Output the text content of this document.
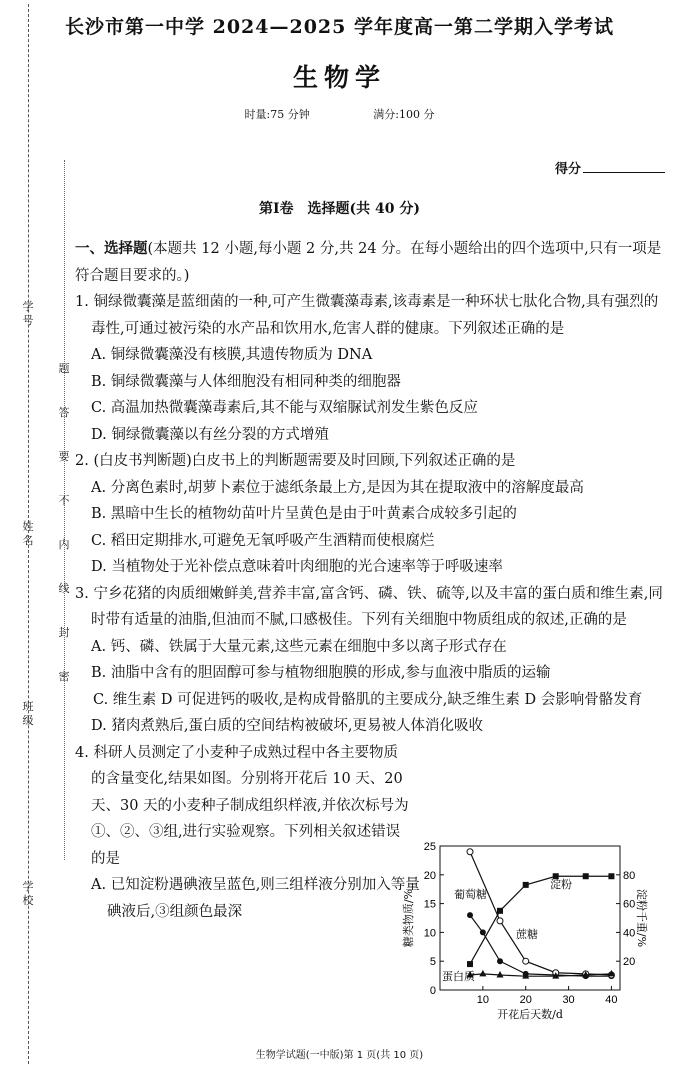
学 号
姓 名
班 级
学 校
题
答
要
不
内
线
封
密
长沙市第一中学 2024—2025 学年度高一第二学期入学考试
生物学
时量:75 分钟	满分:100 分
得分
第Ⅰ卷　选择题(共 40 分)

一、选择题(本题共 12 小题,每小题 2 分,共 24 分。在每小题给出的四个选项中,只有一项是符合题目要求的。)

1. 铜绿微囊藻是蓝细菌的一种,可产生微囊藻毒素,该毒素是一种环状七肽化合物,具有强烈的毒性,可通过被污染的水产品和饮用水,危害人群的健康。下列叙述正确的是

A. 铜绿微囊藻没有核膜,其遗传物质为 DNA

B. 铜绿微囊藻与人体细胞没有相同种类的细胞器

C. 高温加热微囊藻毒素后,其不能与双缩脲试剂发生紫色反应

D. 铜绿微囊藻以有丝分裂的方式增殖

2. (白皮书判断题)白皮书上的判断题需要及时回顾,下列叙述正确的是

A. 分离色素时,胡萝卜素位于滤纸条最上方,是因为其在提取液中的溶解度最高

B. 黑暗中生长的植物幼苗叶片呈黄色是由于叶黄素合成较多引起的

C. 稻田定期排水,可避免无氧呼吸产生酒精而使根腐烂

D. 当植物处于光补偿点意味着叶肉细胞的光合速率等于呼吸速率

3. 宁乡花猪的肉质细嫩鲜美,营养丰富,富含钙、磷、铁、硫等,以及丰富的蛋白质和维生素,同时带有适量的油脂,但油而不腻,口感极佳。下列有关细胞中物质组成的叙述,正确的是

A. 钙、磷、铁属于大量元素,这些元素在细胞中多以离子形式存在

B. 油脂中含有的胆固醇可参与植物细胞膜的形成,参与血液中脂质的运输

C. 维生素 D 可促进钙的吸收,是构成骨骼肌的主要成分,缺乏维生素 D 会影响骨骼发育

D. 猪肉煮熟后,蛋白质的空间结构被破坏,更易被人体消化吸收

4. 科研人员测定了小麦种子成熟过程中各主要物质的含量变化,结果如图。分别将开花后 10 天、20 天、30 天的小麦种子制成组织样液,并依次标号为①、②、③组,进行实验观察。下列相关叙述错误的是

A. 已知淀粉遇碘液呈蓝色,则三组样液分别加入等量碘液后,③组颜色最深

0
5
10
15
20
25
20
40
60
80
10	20	30	40
开花后天数/d
糖类物质/%	淀粉千重/%
淀粉
葡萄糖
蔗糖
蛋白质
生物学试题(一中版)第 1 页(共 10 页)
